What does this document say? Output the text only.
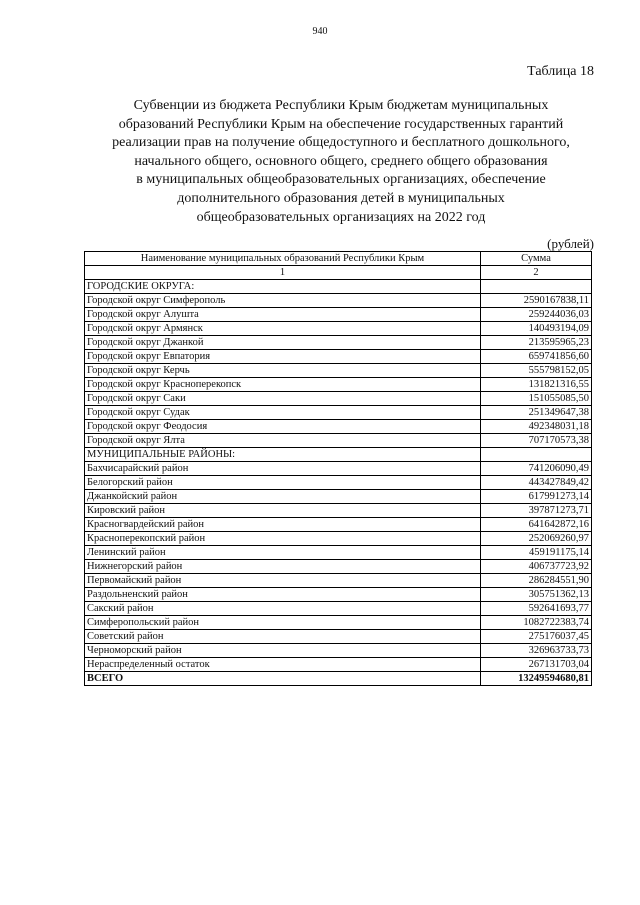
940
Таблица 18
Субвенции из бюджета Республики Крым бюджетам муниципальных
образований Республики Крым на обеспечение государственных гарантий
реализации прав на получение общедоступного и бесплатного дошкольного,
начального общего, основного общего, среднего общего образования
в муниципальных общеобразовательных организациях, обеспечение
дополнительного образования детей в муниципальных
общеобразовательных организациях на 2022 год
(рублей)
Наименование муниципальных образований Республики Крым	Сумма
1	2
ГОРОДСКИЕ ОКРУГА:	
Городской округ Симферополь	2590167838,11
Городской округ Алушта	259244036,03
Городской округ Армянск	140493194,09
Городской округ Джанкой	213595965,23
Городской округ Евпатория	659741856,60
Городской округ Керчь	555798152,05
Городской округ Красноперекопск	131821316,55
Городской округ Саки	151055085,50
Городской округ Судак	251349647,38
Городской округ Феодосия	492348031,18
Городской округ Ялта	707170573,38
МУНИЦИПАЛЬНЫЕ РАЙОНЫ:	
Бахчисарайский район	741206090,49
Белогорский район	443427849,42
Джанкойский район	617991273,14
Кировский район	397871273,71
Красногвардейский район	641642872,16
Красноперекопский район	252069260,97
Ленинский район	459191175,14
Нижнегорский район	406737723,92
Первомайский район	286284551,90
Раздольненский район	305751362,13
Сакский район	592641693,77
Симферопольский район	1082722383,74
Советский район	275176037,45
Черноморский район	326963733,73
Нераспределенный остаток	267131703,04
ВСЕГО	13249594680,81
